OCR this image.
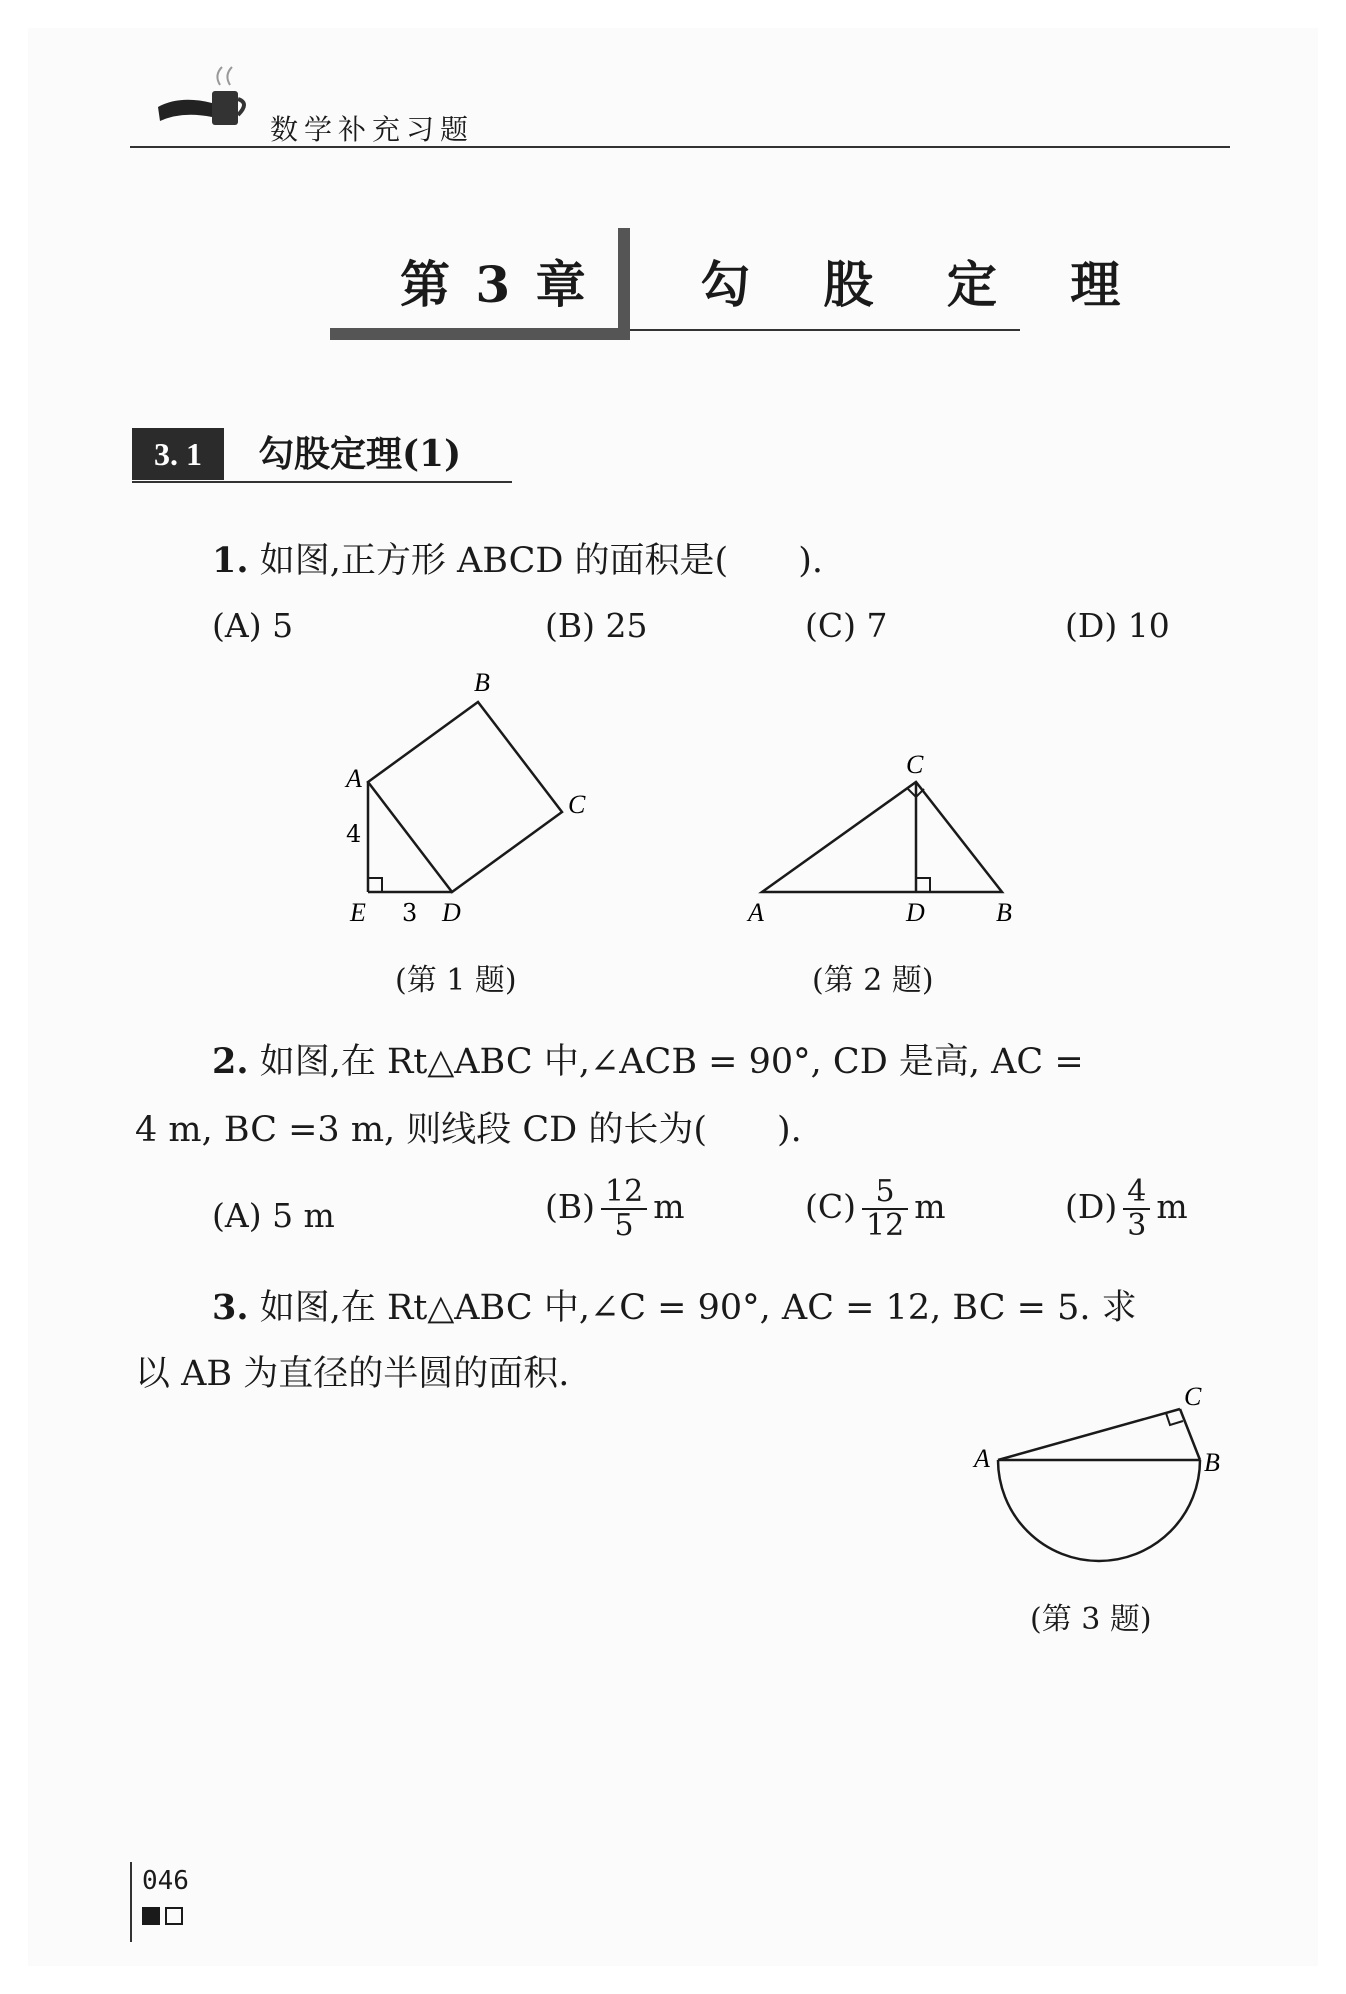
数学补充习题
第 3 章 勾 股 定 理
3. 1	勾股定理(1)
1. 如图,正方形 ABCD 的面积是(　　).
(A) 5	(B) 25	(C) 7	(D) 10
B
A
C
4
E 3 D
(第 1 题)
C
A	D	B
(第 2 题)
2. 如图,在 Rt△ABC 中,∠ACB = 90°, CD 是高, AC =
4 m, BC =3 m, 则线段 CD 的长为(　　).
(A) 5 m	$(B) \frac{12}{5}$ m	$(C) \frac{5}{12}$ m	$(D) \frac{4}{3}$ m
3. 如图,在 Rt△ABC 中,∠C = 90°, AC = 12, BC = 5. 求
以 AB 为直径的半圆的面积.
C
A	B
(第 3 题)
046
